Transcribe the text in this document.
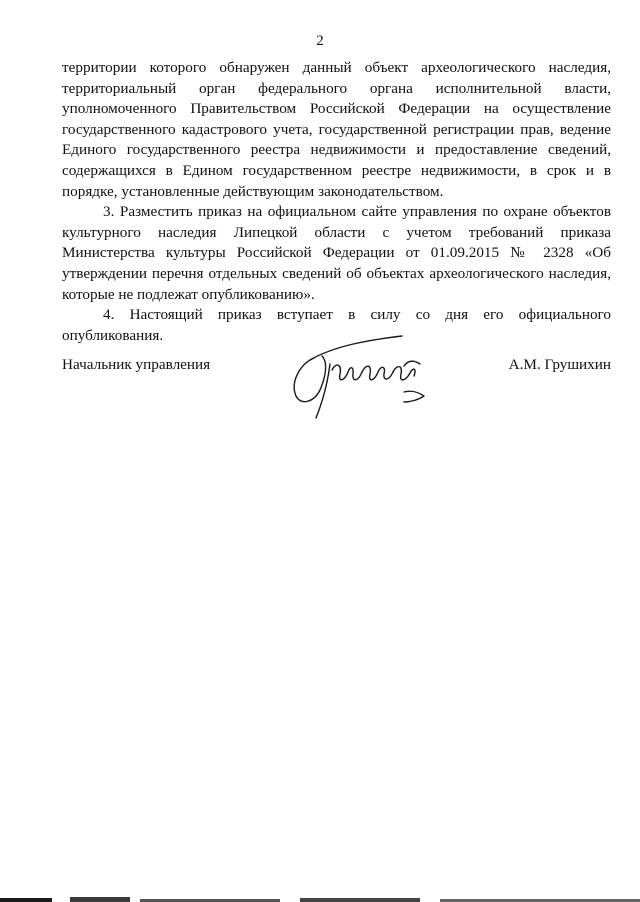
2

территории которого обнаружен данный объект археологического наследия, территориальный орган федерального органа исполнительной власти, уполномоченного Правительством Российской Федерации на осуществление государственного кадастрового учета, государственной регистрации прав, ведение Единого государственного реестра недвижимости и предоставление сведений, содержащихся в Едином государственном реестре недвижимости, в срок и в порядке, установленные действующим законодательством.

3. Разместить приказ на официальном сайте управления по охране объектов культурного наследия Липецкой области с учетом требований приказа Министерства культуры Российской Федерации от 01.09.2015 № 2328 «Об утверждении перечня отдельных сведений об объектах археологического наследия, которые не подлежат опубликованию».

4. Настоящий приказ вступает в силу со дня его официального опубликования.

Начальник управления	А.М. Грушихин
